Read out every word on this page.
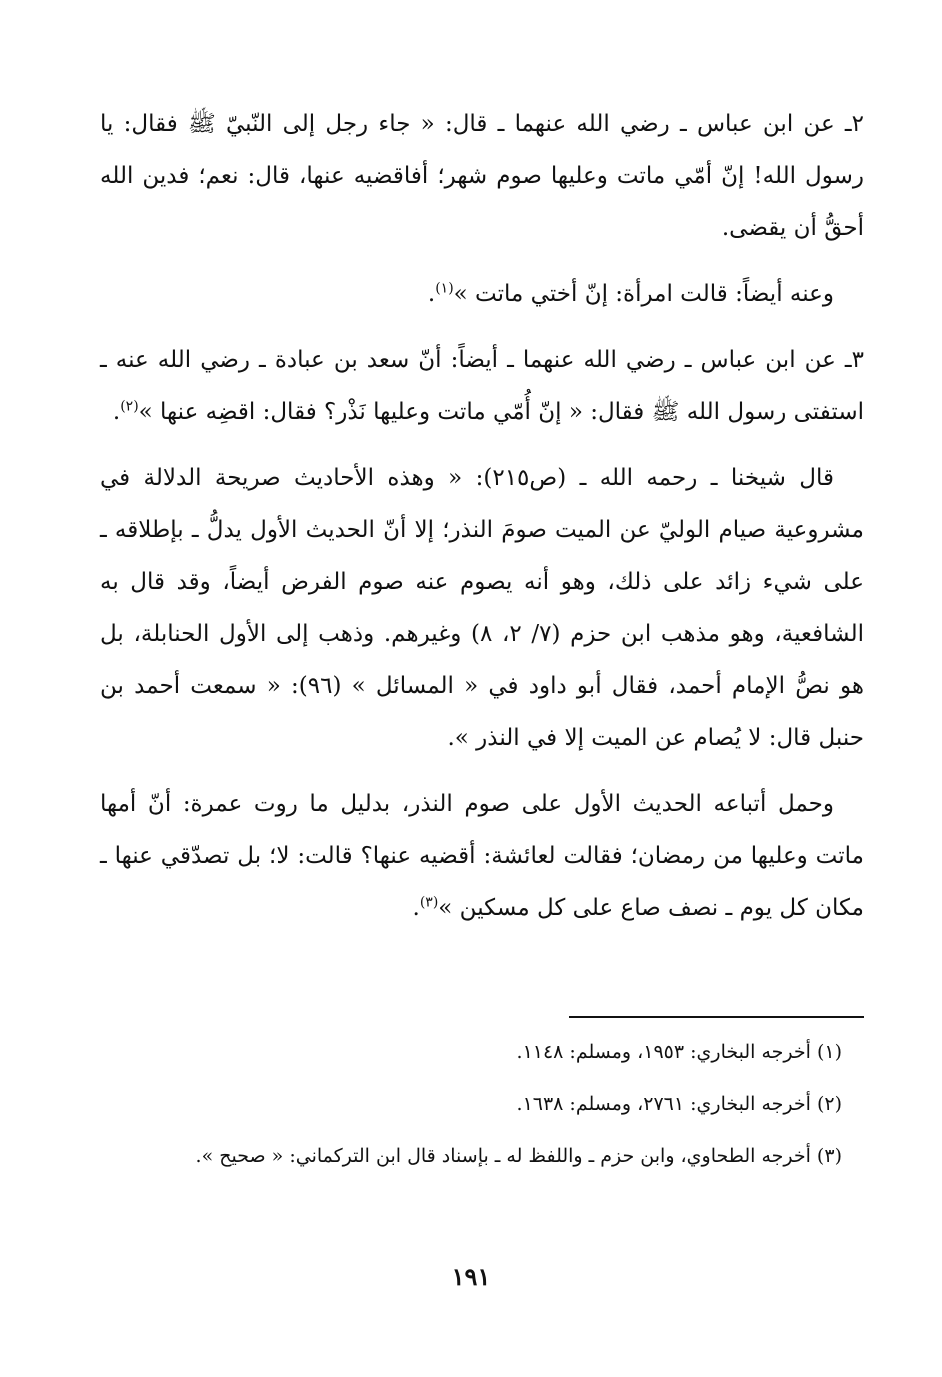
٢ـ عن ابن عباس ـ رضي الله عنهما ـ قال: « جاء رجل إلى النّبيّ ﷺ فقال: يا رسول الله! إنّ أمّي ماتت وعليها صوم شهر؛ أفاقضيه عنها، قال: نعم؛ فدين الله أحقُّ أن يقضى.

وعنه أيضاً: قالت امرأة: إنّ أختي ماتت »$^{(١)}$.

٣ـ عن ابن عباس ـ رضي الله عنهما ـ أيضاً: أنّ سعد بن عبادة ـ رضي الله عنه ـ استفتى رسول الله ﷺ فقال: « إنّ أُمّي ماتت وعليها نَذْر؟ فقال: اقضِه عنها »$^{(٢)}$.

قال شيخنا ـ رحمه الله ـ (ص٢١٥): « وهذه الأحاديث صريحة الدلالة في مشروعية صيام الوليّ عن الميت صومَ النذر؛ إلا أنّ الحديث الأول يدلُّ ـ بإطلاقه ـ على شيء زائد على ذلك، وهو أنه يصوم عنه صوم الفرض أيضاً، وقد قال به الشافعية، وهو مذهب ابن حزم (٧/ ٢، ٨) وغيرهم. وذهب إلى الأول الحنابلة، بل هو نصُّ الإمام أحمد، فقال أبو داود في « المسائل » (٩٦): « سمعت أحمد بن حنبل قال: لا يُصام عن الميت إلا في النذر ».

وحمل أتباعه الحديث الأول على صوم النذر، بدليل ما روت عمرة: أنّ أمها ماتت وعليها من رمضان؛ فقالت لعائشة: أقضيه عنها؟ قالت: لا؛ بل تصدّقي عنها ـ مكان كل يوم ـ نصف صاع على كل مسكين »$^{(٣)}$.

(١) أخرجه البخاري: ١٩٥٣، ومسلم: ١١٤٨.

(٢) أخرجه البخاري: ٢٧٦١، ومسلم: ١٦٣٨.

(٣) أخرجه الطحاوي، وابن حزم ـ واللفظ له ـ بإسناد قال ابن التركماني: « صحيح ».

١٩١
